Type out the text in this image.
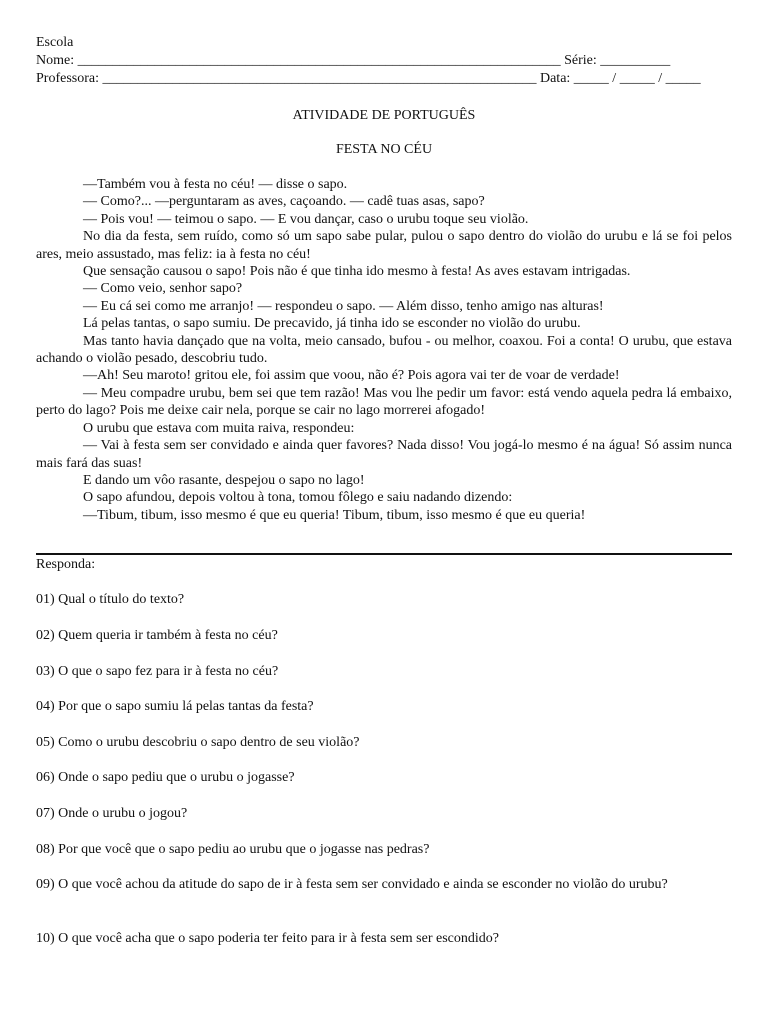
Escola
Nome: _____________________________________________________________________ Série: __________
Professora: ______________________________________________________________ Data: _____ / _____ / _____
ATIVIDADE DE PORTUGUÊS
FESTA NO CÉU

—Também vou à festa no céu! — disse o sapo.

— Como?... —perguntaram as aves, caçoando. — cadê tuas asas, sapo?

— Pois vou! — teimou o sapo. — E vou dançar, caso o urubu toque seu violão.

No dia da festa, sem ruído, como só um sapo sabe pular, pulou o sapo dentro do violão do urubu e lá se foi pelos ares, meio assustado, mas feliz: ia à festa no céu!

Que sensação causou o sapo! Pois não é que tinha ido mesmo à festa! As aves estavam intrigadas.

— Como veio, senhor sapo?

— Eu cá sei como me arranjo! — respondeu o sapo. — Além disso, tenho amigo nas alturas!

Lá pelas tantas, o sapo sumiu. De precavido, já tinha ido se esconder no violão do urubu.

Mas tanto havia dançado que na volta, meio cansado, bufou - ou melhor, coaxou. Foi a conta! O urubu, que estava achando o violão pesado, descobriu tudo.

—Ah! Seu maroto! gritou ele, foi assim que voou, não é? Pois agora vai ter de voar de verdade!

— Meu compadre urubu, bem sei que tem razão! Mas vou lhe pedir um favor: está vendo aquela pedra lá embaixo, perto do lago? Pois me deixe cair nela, porque se cair no lago morrerei afogado!

O urubu que estava com muita raiva, respondeu:

— Vai à festa sem ser convidado e ainda quer favores? Nada disso! Vou jogá-lo mesmo é na água! Só assim nunca mais fará das suas!

E dando um vôo rasante, despejou o sapo no lago!

O sapo afundou, depois voltou à tona, tomou fôlego e saiu nadando dizendo:

—Tibum, tibum, isso mesmo é que eu queria! Tibum, tibum, isso mesmo é que eu queria!

Responda:
01) Qual o título do texto?
02) Quem queria ir também à festa no céu?
03) O que o sapo fez para ir à festa no céu?
04) Por que o sapo sumiu lá pelas tantas da festa?
05) Como o urubu descobriu o sapo dentro de seu violão?
06) Onde o sapo pediu que o urubu o jogasse?
07) Onde o urubu o jogou?
08) Por que você que o sapo pediu ao urubu que o jogasse nas pedras?
09) O que você achou da atitude do sapo de ir à festa sem ser convidado e ainda se esconder no violão do urubu?
10) O que você acha que o sapo poderia ter feito para ir à festa sem ser escondido?
